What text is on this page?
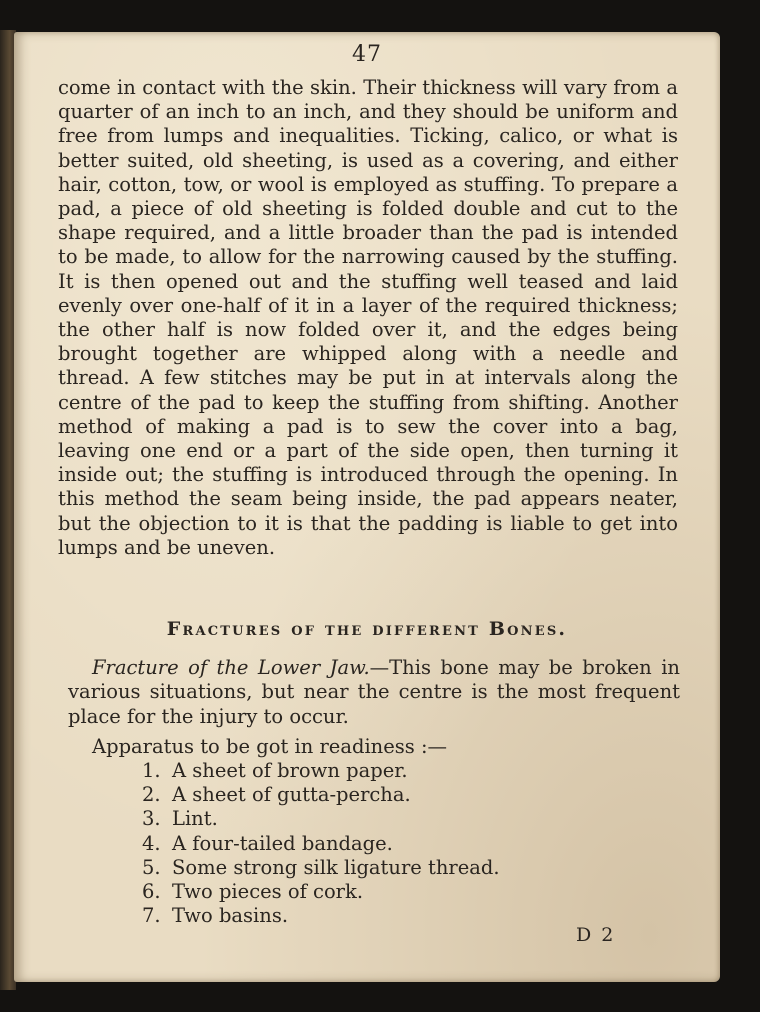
47

come in contact with the skin. Their thickness will vary from a quarter of an inch to an inch, and they should be uniform and free from lumps and inequalities. Ticking, calico, or what is better suited, old sheeting, is used as a covering, and either hair, cotton, tow, or wool is employed as stuffing. To prepare a pad, a piece of old sheeting is folded double and cut to the shape required, and a little broader than the pad is intended to be made, to allow for the narrowing caused by the stuffing. It is then opened out and the stuffing well teased and laid evenly over one-half of it in a layer of the required thickness; the other half is now folded over it, and the edges being brought together are whipped along with a needle and thread. A few stitches may be put in at intervals along the centre of the pad to keep the stuffing from shifting. Another method of making a pad is to sew the cover into a bag, leaving one end or a part of the side open, then turning it inside out; the stuffing is introduced through the opening. In this method the seam being inside, the pad appears neater, but the objection to it is that the padding is liable to get into lumps and be uneven.

Fractures of the different Bones.

Fracture of the Lower Jaw.—This bone may be broken in various situations, but near the centre is the most frequent place for the injury to occur.

Apparatus to be got in readiness :—

1. A sheet of brown paper.
2. A sheet of gutta-percha.
3. Lint.
4. A four-tailed bandage.
5. Some strong silk ligature thread.
6. Two pieces of cork.
7. Two basins.
D 2
